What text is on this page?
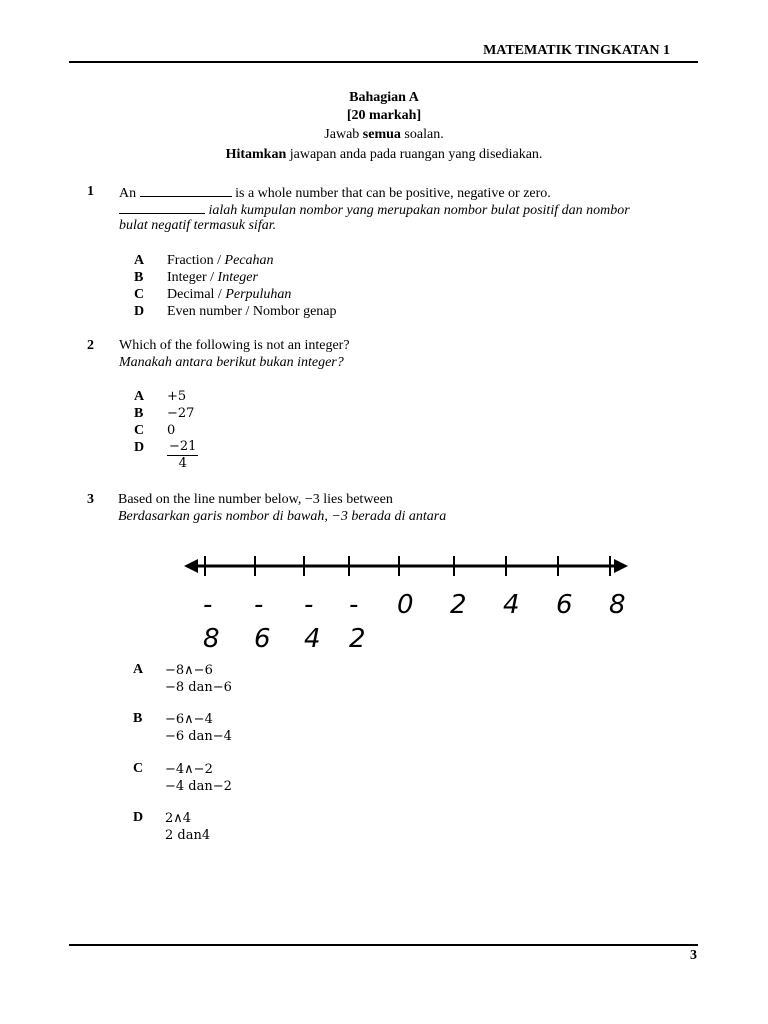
MATEMATIK TINGKATAN 1
Bahagian A
[20 markah]
Jawab semua soalan.
Hitamkan jawapan anda pada ruangan yang disediakan.
1 An	is a whole number that can be positive, negative or zero.
ialah kumpulan nombor yang merupakan nombor bulat positif dan nombor
bulat negatif termasuk sifar.
A Fraction / Pecahan
B Integer / Integer
C Decimal / Perpuluhan
D Even number / Nombor genap
2 Which of the following is not an integer?
Manakah antara berikut bukan integer?
A +5
B −27
C 0
D $\frac{-21}{4}$
3 Based on the line number below, −3 lies between
Berdasarkan garis nombor di bawah, −3 berada di antara
- - - - 0 2 4 6 8
8 6 4 2
A −8∧−6
−8 dan−6
B −6∧−4
−6 dan−4
C −4∧−2
−4 dan−2
D 2∧4
2 dan4
3
